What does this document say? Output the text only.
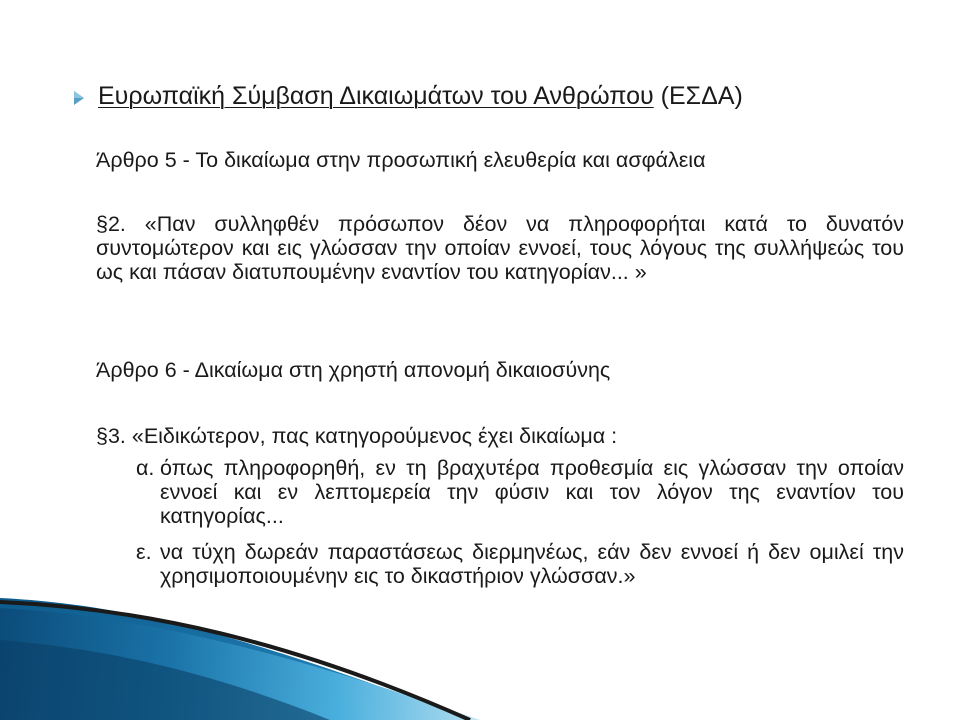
Ευρωπαϊκή Σύμβαση Δικαιωμάτων του Ανθρώπου (ΕΣΔΑ)
Άρθρο 5 - Το δικαίωμα στην προσωπική ελευθερία και ασφάλεια
§2. «Παν συλληφθέν πρόσωπον δέον να πληροφορήται κατά το δυνατόν συντομώτερον και εις γλώσσαν την οποίαν εννοεί, τους λόγους της συλλήψεώς του ως και πάσαν διατυπουμένην εναντίον του κατηγορίαν... »
Άρθρο 6 - Δικαίωμα στη χρηστή απονομή δικαιοσύνης
§3. «Ειδικώτερον, πας κατηγορούμενος έχει δικαίωμα :
α. όπως πληροφορηθή, εν τη βραχυτέρα προθεσμία εις γλώσσαν την οποίαν εννοεί και εν λεπτομερεία την φύσιν και τον λόγον της εναντίον του κατηγορίας...
ε. να τύχη δωρεάν παραστάσεως διερμηνέως, εάν δεν εννοεί ή δεν ομιλεί την χρησιμοποιουμένην εις το δικαστήριον γλώσσαν.»
